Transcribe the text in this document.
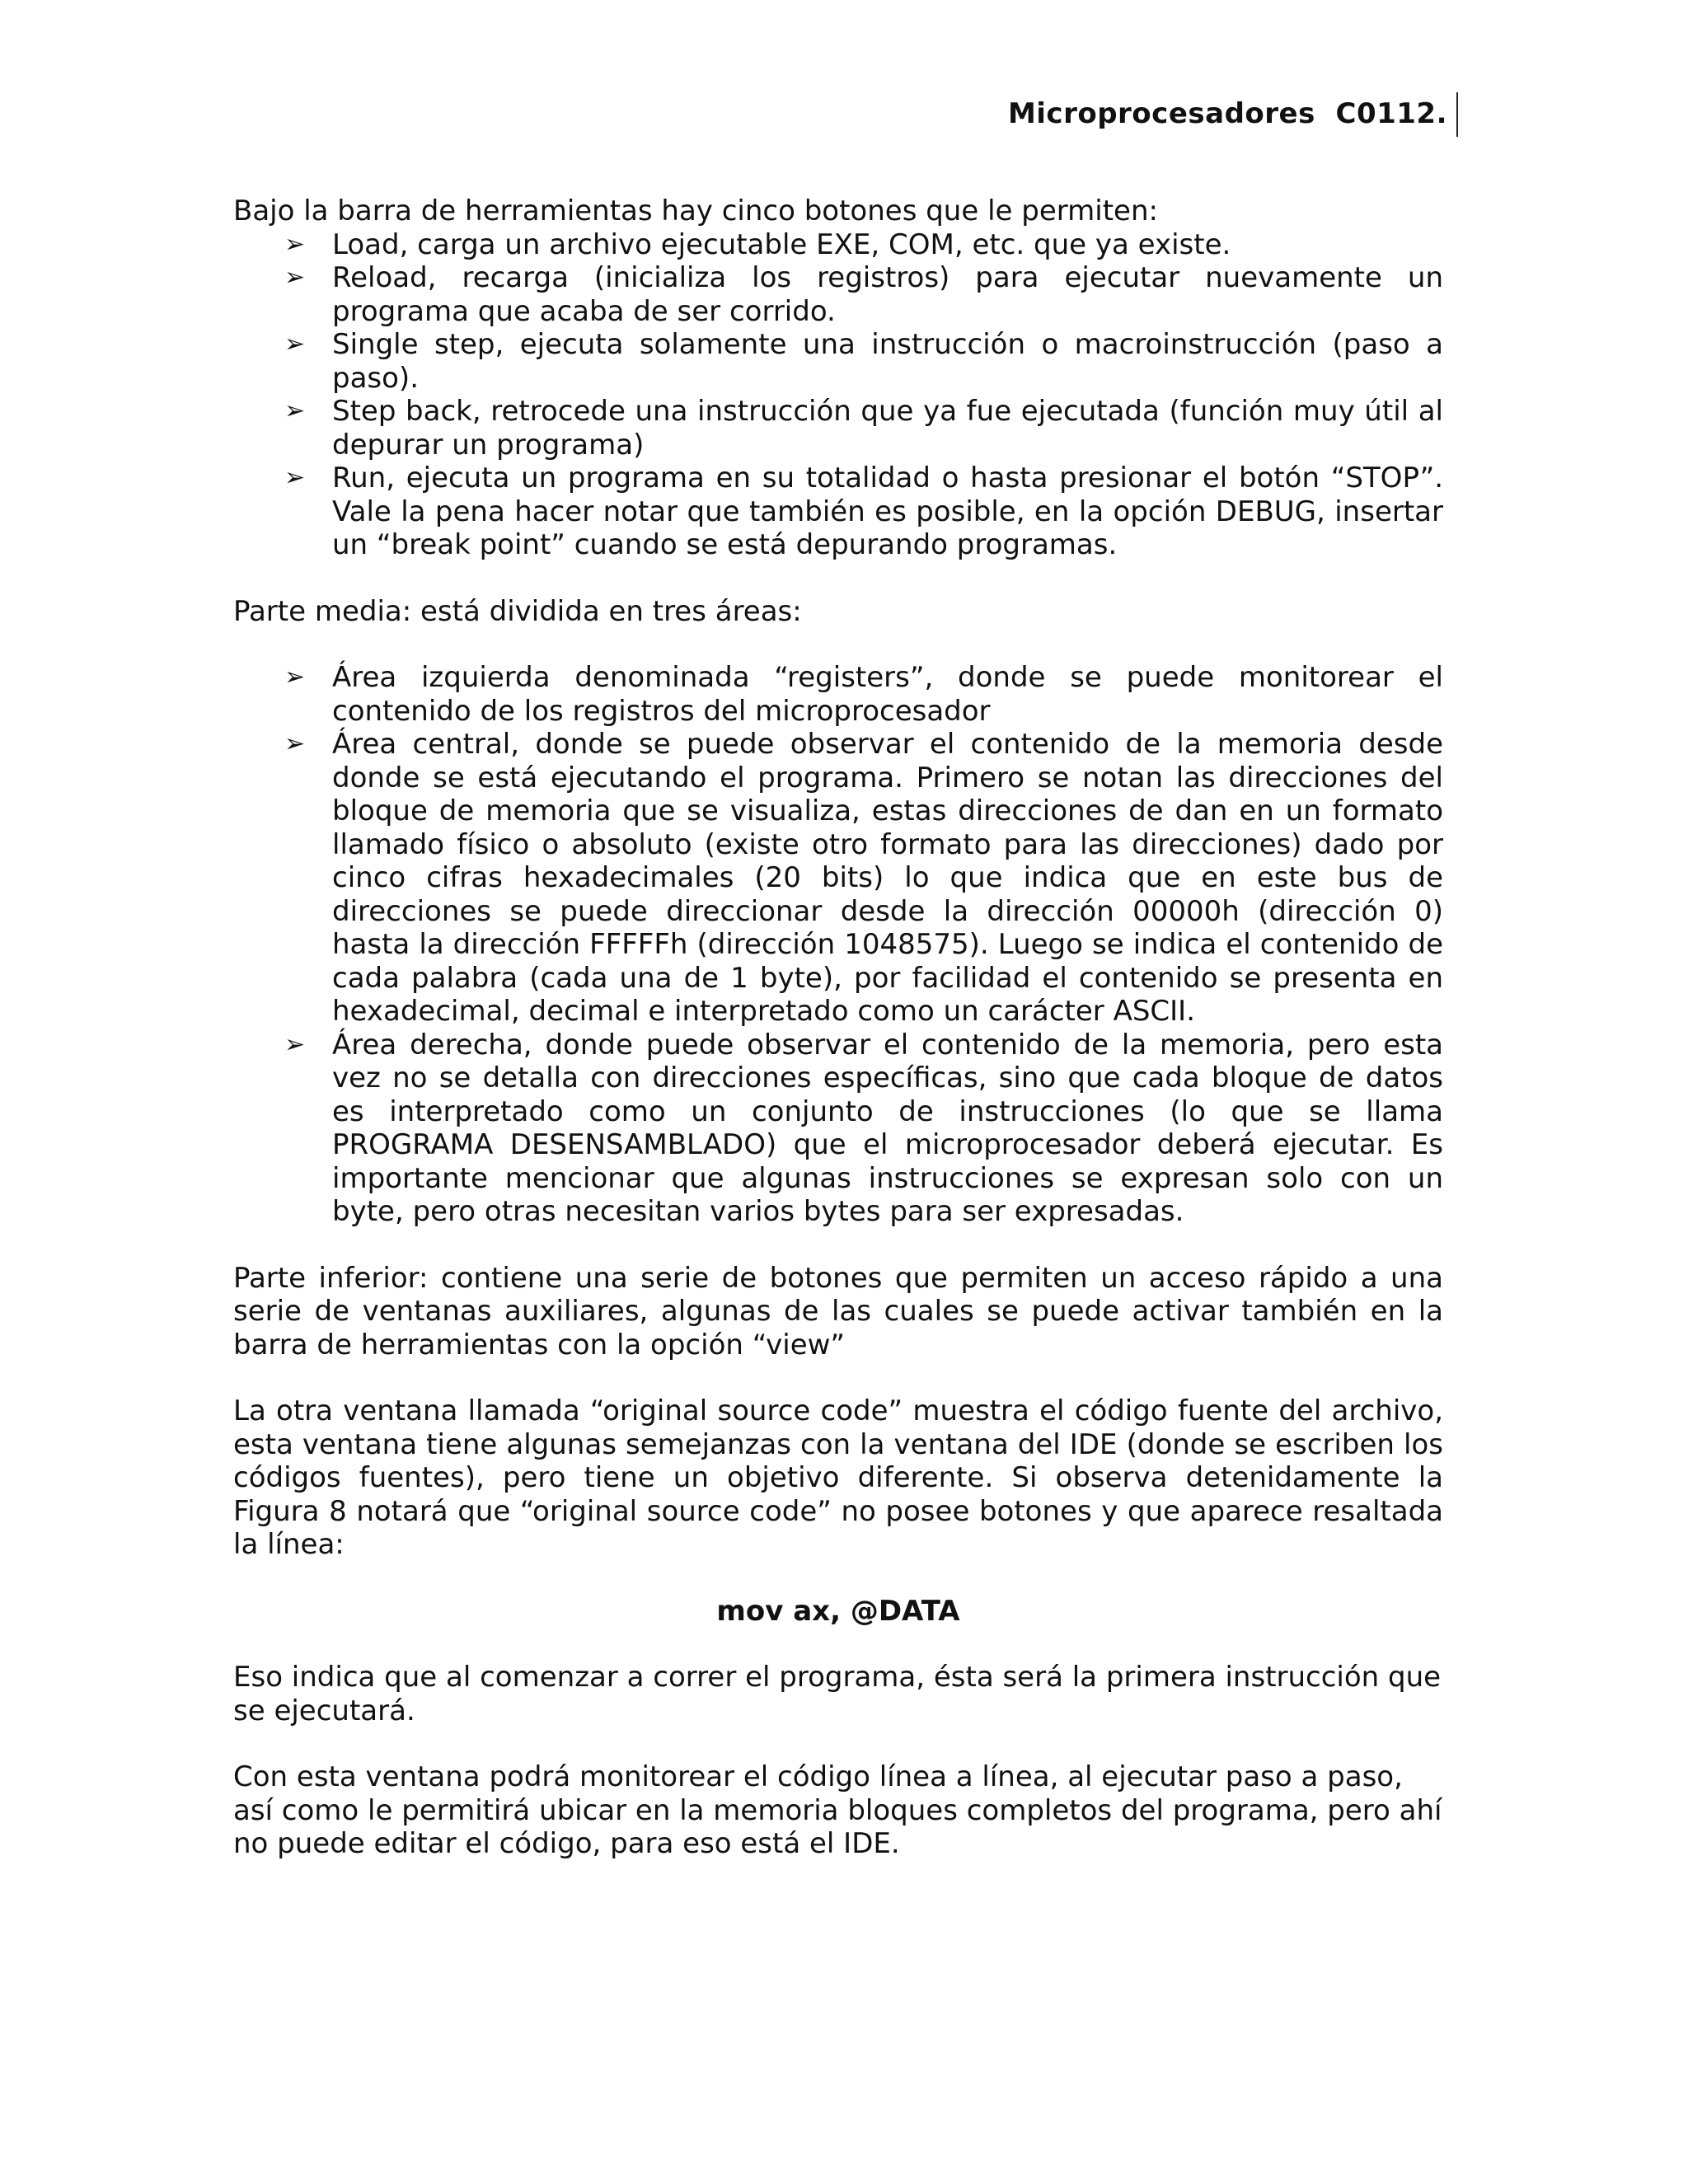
Microprocesadores  C0112.

Bajo la barra de herramientas hay cinco botones que le permiten:

➢ Load, carga un archivo ejecutable EXE, COM, etc. que ya existe.
➢ Reload, recarga (inicializa los registros) para ejecutar nuevamente un programa que acaba de ser corrido.
➢ Single step, ejecuta solamente una instrucción o macroinstrucción (paso a paso).
➢ Step back, retrocede una instrucción que ya fue ejecutada (función muy útil al depurar un programa)
➢ Run, ejecuta un programa en su totalidad o hasta presionar el botón “STOP”. Vale la pena hacer notar que también es posible, en la opción DEBUG, insertar un “break point” cuando se está depurando programas.

Parte media: está dividida en tres áreas:

➢ Área izquierda denominada “registers”, donde se puede monitorear el contenido de los registros del microprocesador
➢ Área central, donde se puede observar el contenido de la memoria desde donde se está ejecutando el programa. Primero se notan las direcciones del bloque de memoria que se visualiza, estas direcciones de dan en un formato llamado físico o absoluto (existe otro formato para las direcciones) dado por cinco cifras hexadecimales (20 bits) lo que indica que en este bus de direcciones se puede direccionar desde la dirección 00000h (dirección 0) hasta la dirección FFFFFh (dirección 1048575). Luego se indica el contenido de cada palabra (cada una de 1 byte), por facilidad el contenido se presenta en hexadecimal, decimal e interpretado como un carácter ASCII.
➢ Área derecha, donde puede observar el contenido de la memoria, pero esta vez no se detalla con direcciones específicas, sino que cada bloque de datos es interpretado como un conjunto de instrucciones (lo que se llama PROGRAMA DESENSAMBLADO) que el microprocesador deberá ejecutar. Es importante mencionar que algunas instrucciones se expresan solo con un byte, pero otras necesitan varios bytes para ser expresadas.

Parte inferior: contiene una serie de botones que permiten un acceso rápido a una serie de ventanas auxiliares, algunas de las cuales se puede activar también en la barra de herramientas con la opción “view”

La otra ventana llamada “original source code” muestra el código fuente del archivo, esta ventana tiene algunas semejanzas con la ventana del IDE (donde se escriben los códigos fuentes), pero tiene un objetivo diferente. Si observa detenidamente la Figura 8 notará que “original source code” no posee botones y que aparece resaltada la línea:

mov ax, @DATA

Eso indica que al comenzar a correr el programa, ésta será la primera instrucción que se ejecutará.

Con esta ventana podrá monitorear el código línea a línea, al ejecutar paso a paso, así como le permitirá ubicar en la memoria bloques completos del programa, pero ahí no puede editar el código, para eso está el IDE.
